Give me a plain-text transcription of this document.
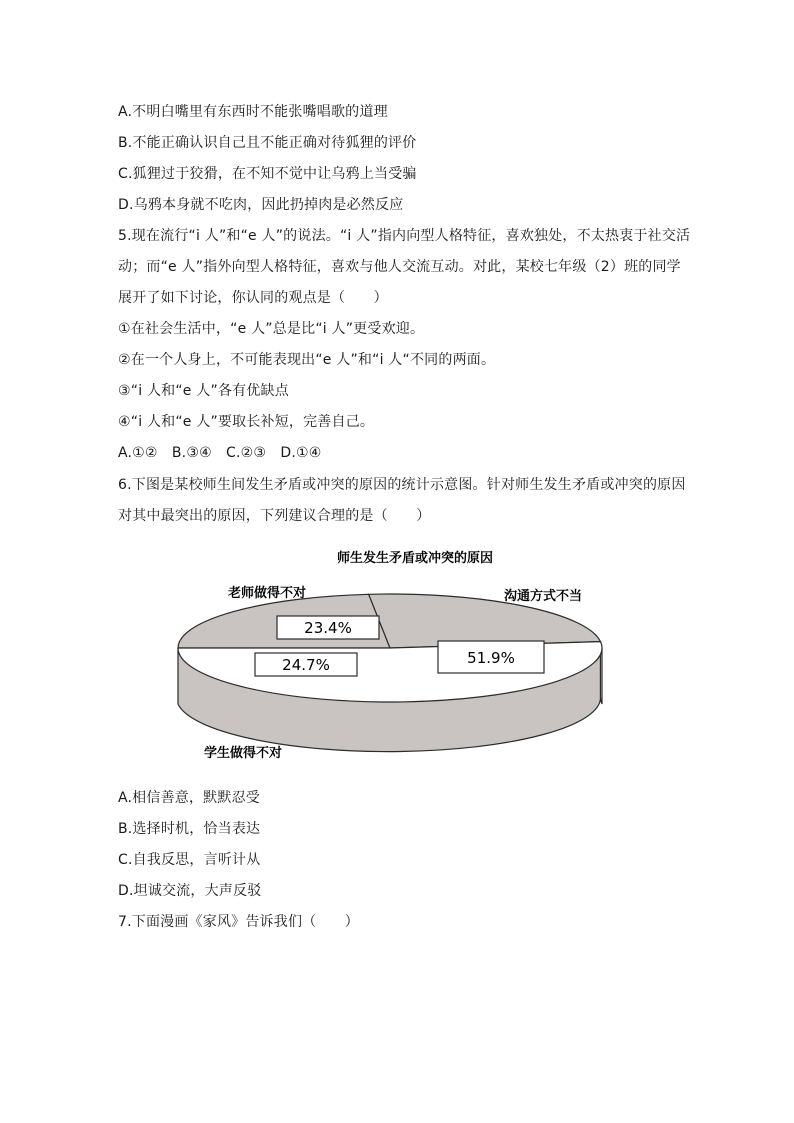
A.不明白嘴里有东西时不能张嘴唱歌的道理
B.不能正确认识自己且不能正确对待狐狸的评价
C.狐狸过于狡猾，在不知不觉中让乌鸦上当受骗
D.乌鸦本身就不吃肉，因此扔掉肉是必然反应
5.现在流行“i 人”和“e 人”的说法。“i 人”指内向型人格特征，喜欢独处，不太热衷于社交活
动；而“e 人”指外向型人格特征，喜欢与他人交流互动。对此，某校七年级（2）班的同学
展开了如下讨论，你认同的观点是（　　）
①在社会生活中，“e 人”总是比“i 人”更受欢迎。
②在一个人身上，不可能表现出“e 人”和“i 人“不同的两面。
③“i 人和“e 人”各有优缺点
④“i 人和“e 人”要取长补短，完善自己。
A.①②　B.③④　C.②③　D.①④
6.下图是某校师生间发生矛盾或冲突的原因的统计示意图。针对师生发生矛盾或冲突的原因
对其中最突出的原因，下列建议合理的是（　　）
师生发生矛盾或冲突的原因
23.4%
24.7%	51.9%
老师做得不对	沟通方式不当
学生做得不对
A.相信善意，默默忍受
B.选择时机，恰当表达
C.自我反思，言听计从
D.坦诚交流，大声反驳
7.下面漫画《家风》告诉我们（　　）
